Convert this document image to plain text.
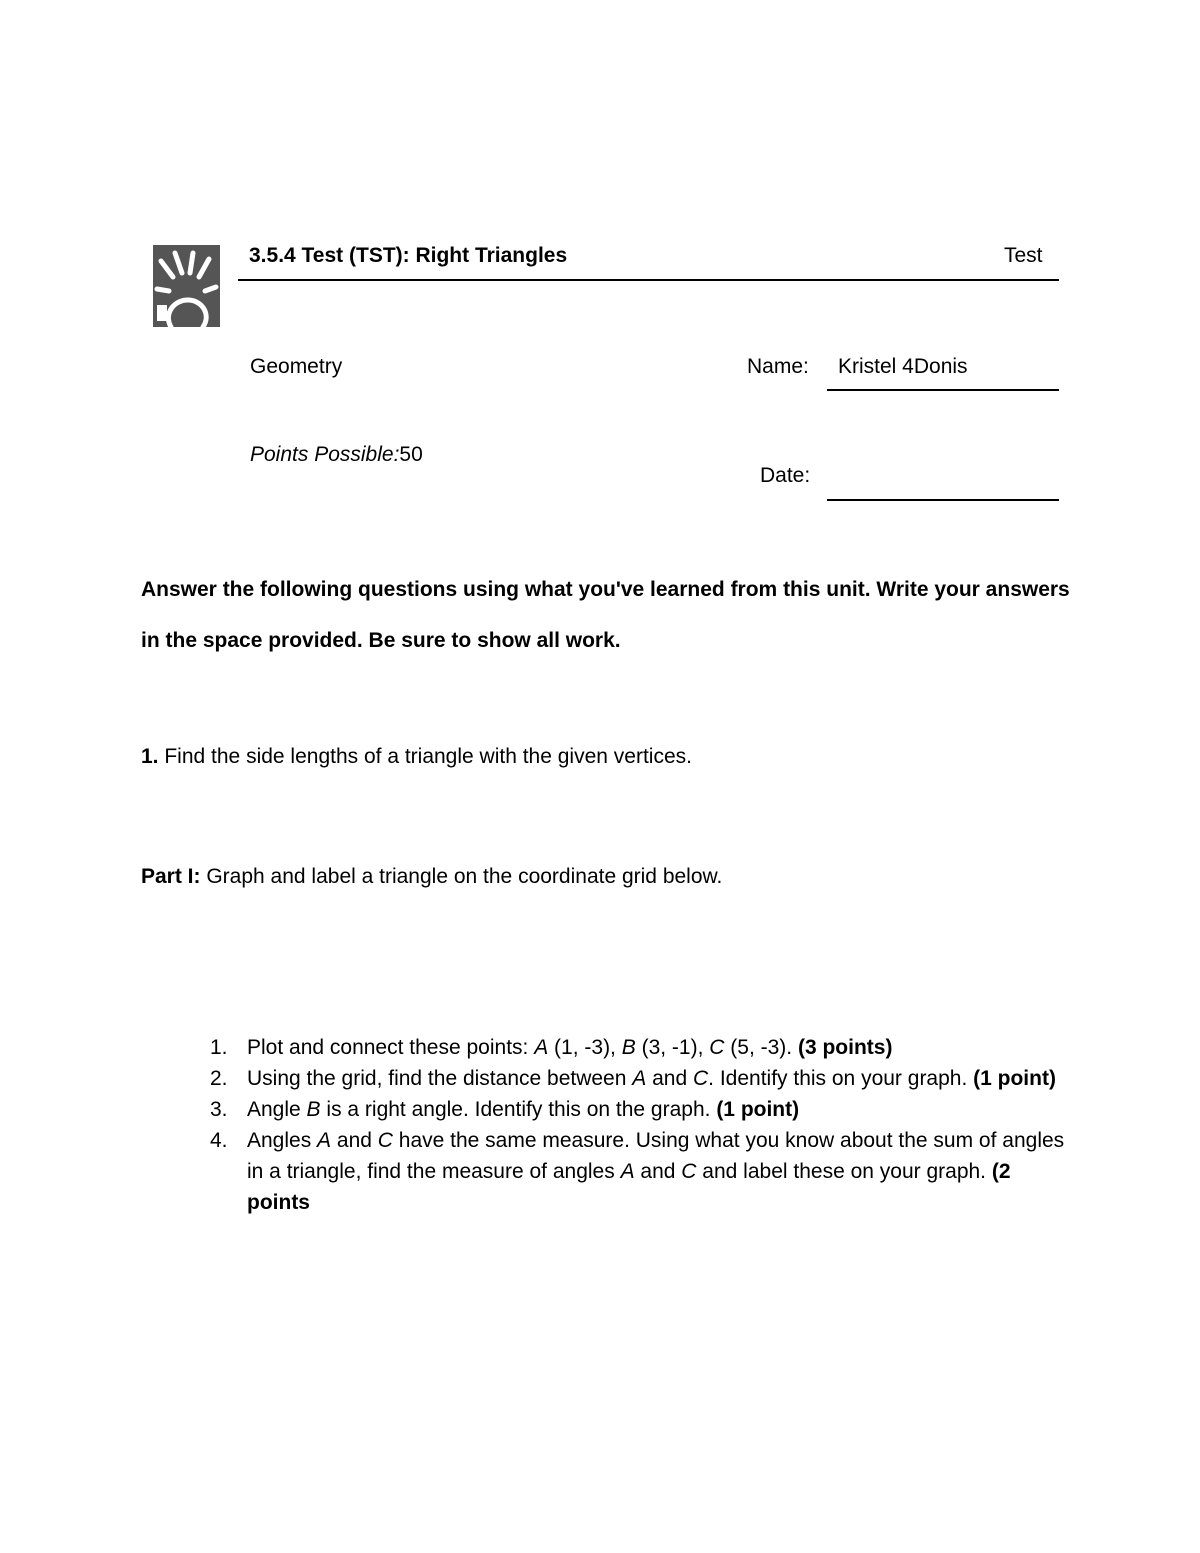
3.5.4 Test (TST): Right Triangles	Test
Geometry	Name: Kristel 4Donis
Points Possible:50
Date:
Answer the following questions using what you've learned from this unit. Write your answers in the space provided. Be sure to show all work.
1. Find the side lengths of a triangle with the given vertices.
Part I: Graph and label a triangle on the coordinate grid below.
1. Plot and connect these points: A (1, -3), B (3, -1), C (5, -3). (3 points)
2. Using the grid, find the distance between A and C. Identify this on your graph. (1 point)
3. Angle B is a right angle. Identify this on the graph. (1 point)
4. Angles A and C have the same measure. Using what you know about the sum of angles in a triangle, find the measure of angles A and C and label these on your graph. (2 points
